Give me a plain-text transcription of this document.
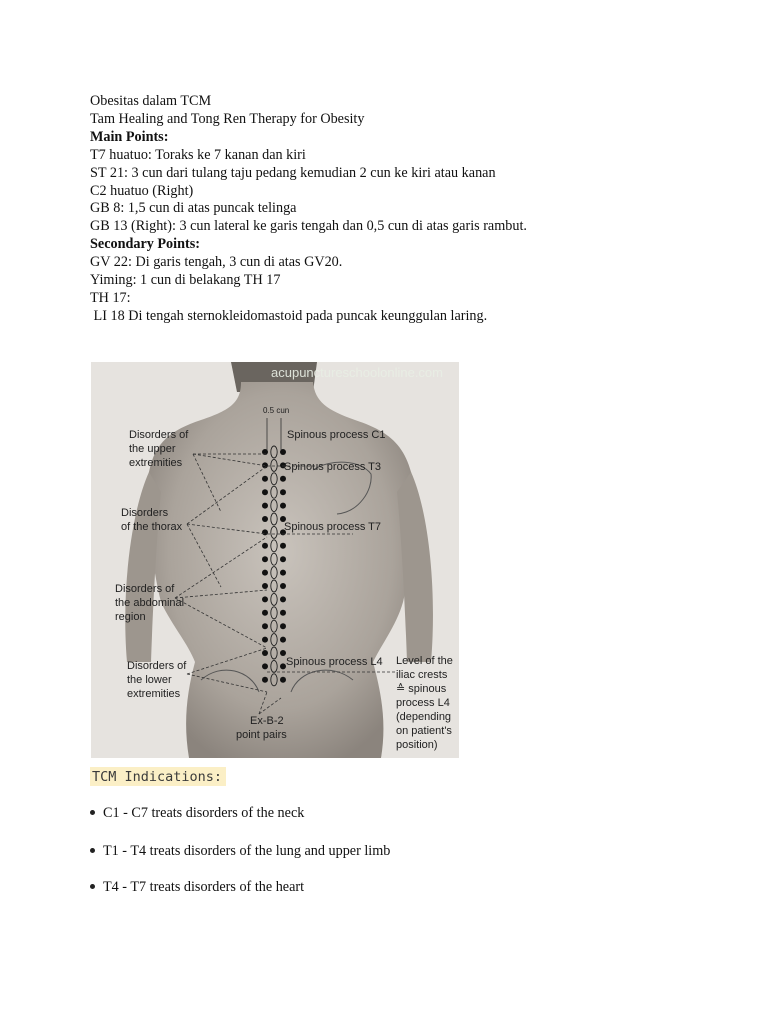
Obesitas dalam TCM

Tam Healing and Tong Ren Therapy for Obesity

Main Points:

T7 huatuo: Toraks ke 7 kanan dan kiri

ST 21: 3 cun dari tulang taju pedang kemudian 2 cun ke kiri atau kanan

C2 huatuo (Right)

GB 8: 1,5 cun di atas puncak telinga

GB 13 (Right): 3 cun lateral ke garis tengah dan 0,5 cun di atas garis rambut.

Secondary Points:

GV 22: Di garis tengah, 3 cun di atas GV20.

Yiming: 1 cun di belakang TH 17

TH 17:

LI 18 Di tengah sternokleidomastoid pada puncak keunggulan laring.

acupunctureschoolonline.com
0.5 cun
Disorders of
the upper
extremities
Disorders
of the thorax
Disorders of
the abdominal
region
Disorders of
the lower
extremities
Spinous process C1
Spinous process T3
Spinous process T7
Spinous process L4 Level of the
iliac crests
≙ spinous
process L4
(depending
on patient's
position)
Ex-B-2
point pairs
TCM Indications:
C1 - C7 treats disorders of the neck
T1 - T4 treats disorders of the lung and upper limb
T4 - T7 treats disorders of the heart
